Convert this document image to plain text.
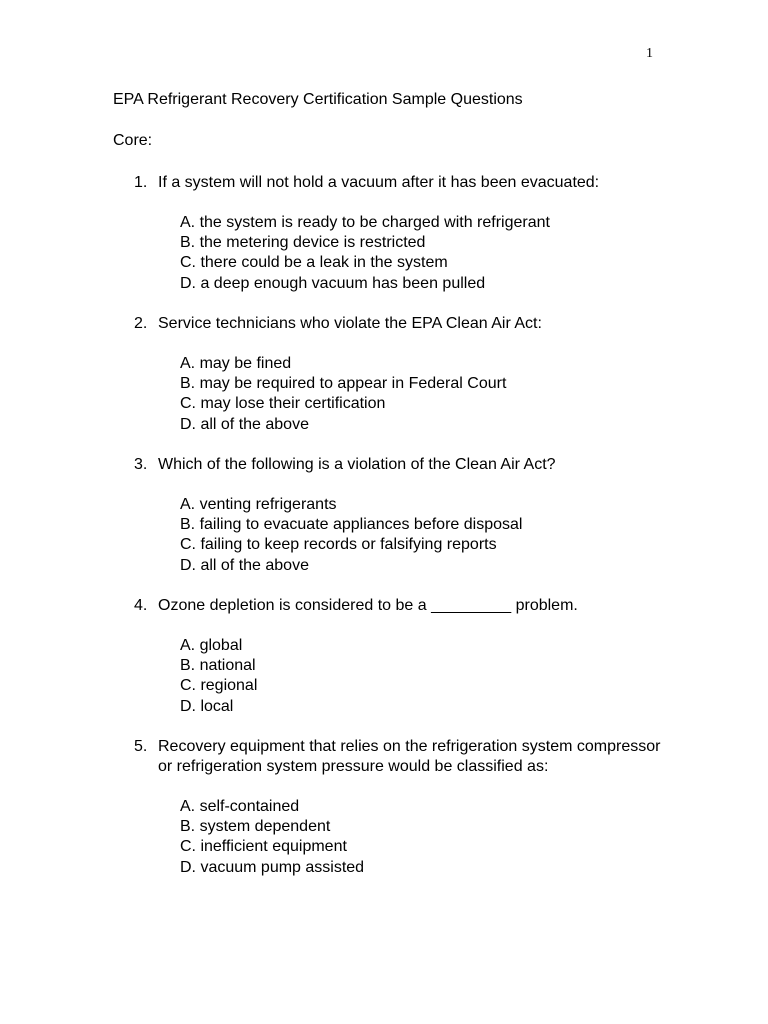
1
EPA Refrigerant Recovery Certification Sample Questions
Core:
1. If a system will not hold a vacuum after it has been evacuated:
A. the system is ready to be charged with refrigerant
B. the metering device is restricted
C. there could be a leak in the system
D. a deep enough vacuum has been pulled
2. Service technicians who violate the EPA Clean Air Act:
A. may be fined
B. may be required to appear in Federal Court
C. may lose their certification
D. all of the above
3. Which of the following is a violation of the Clean Air Act?
A. venting refrigerants
B. failing to evacuate appliances before disposal
C. failing to keep records or falsifying reports
D. all of the above
4. Ozone depletion is considered to be a _________ problem.
A. global
B. national
C. regional
D. local
5. Recovery equipment that relies on the refrigeration system compressor or refrigeration system pressure would be classified as:
A. self-contained
B. system dependent
C. inefficient equipment
D. vacuum pump assisted
